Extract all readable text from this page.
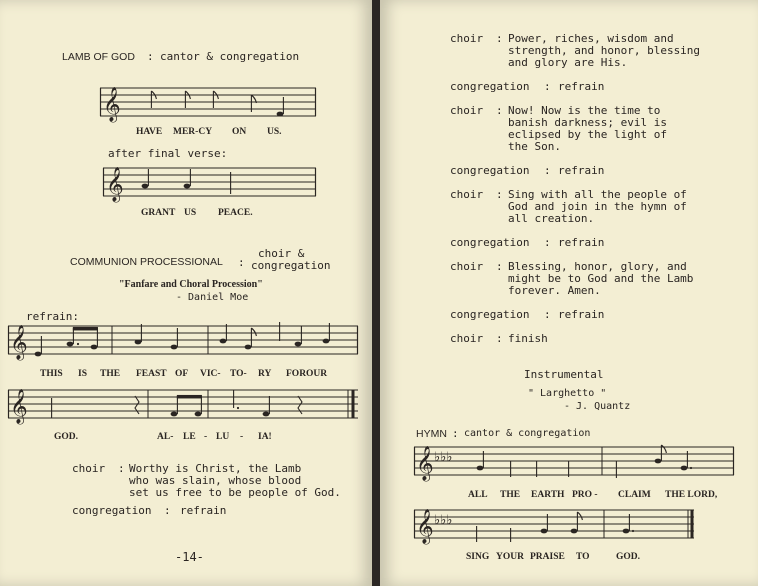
LAMB OF GOD : cantor & congregation
𝄞
HAVE MER-CY ON US.
after final verse:
𝄞
GRANT US PEACE.
COMMUNION PROCESSIONAL :
choir &
congregation
"Fanfare and Choral Procession"
- Daniel Moe
refrain:
𝄞
THIS IS THE FEAST OF VIC- TO- RY FOR OUR
𝄞
GOD.	AL- LE - LU - IA!
choir : Worthy is Christ, the Lamb
who was slain, whose blood
set us free to be people of God.
congregation : refrain
-14-
choir : Power, riches, wisdom and
strength, and honor, blessing
and glory are His.
congregation : refrain
choir : Now! Now is the time to
banish darkness; evil is
eclipsed by the light of
the Son.
congregation : refrain
choir : Sing with all the people of
God and join in the hymn of
all creation.
congregation : refrain
choir : Blessing, honor, glory, and
might be to God and the Lamb
forever. Amen.
congregation : refrain
choir : finish
Instrumental
" Larghetto "
- J. Quantz
HYMN : cantor & congregation
𝄞 ♭♭♭
ALL THE EARTH PRO - CLAIM THE LORD,
𝄞 ♭♭♭
SING YOUR PRAISE TO	GOD.
